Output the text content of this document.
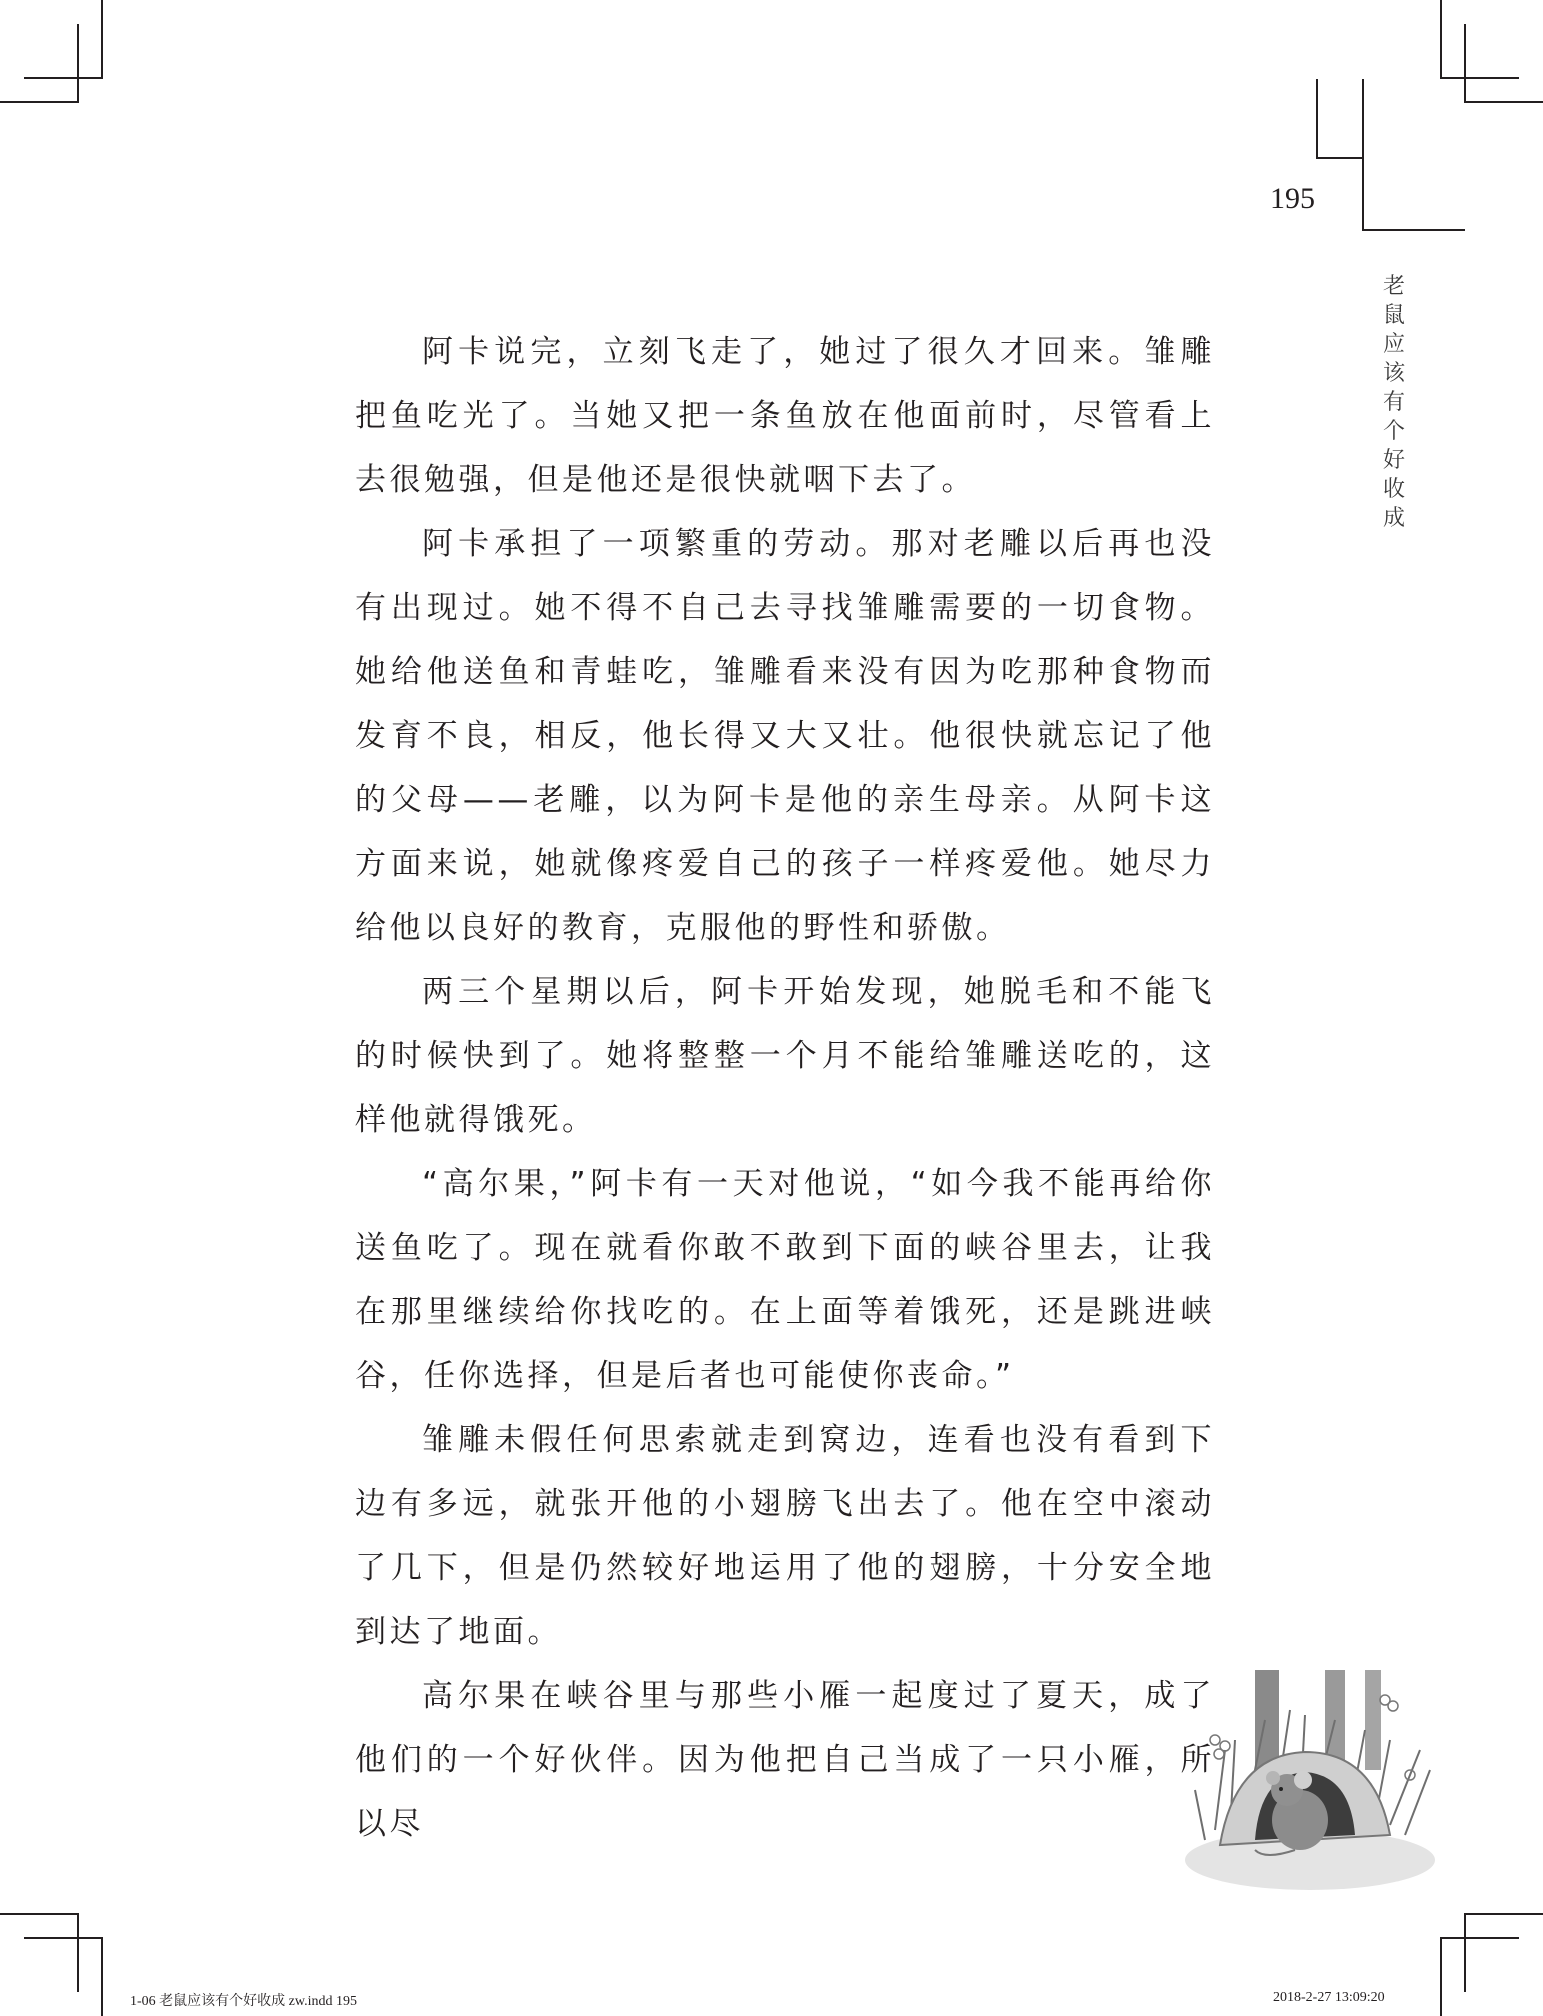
195
老
鼠
应
该
有
个
好
收
成

阿卡说完，立刻飞走了，她过了很久才回来。雏雕把鱼吃光了。当她又把一条鱼放在他面前时，尽管看上去很勉强，但是他还是很快就咽下去了。

阿卡承担了一项繁重的劳动。那对老雕以后再也没有出现过。她不得不自己去寻找雏雕需要的一切食物。她给他送鱼和青蛙吃，雏雕看来没有因为吃那种食物而发育不良，相反，他长得又大又壮。他很快就忘记了他的父母——老雕，以为阿卡是他的亲生母亲。从阿卡这方面来说，她就像疼爱自己的孩子一样疼爱他。她尽力给他以良好的教育，克服他的野性和骄傲。

两三个星期以后，阿卡开始发现，她脱毛和不能飞的时候快到了。她将整整一个月不能给雏雕送吃的，这样他就得饿死。

“高尔果，”阿卡有一天对他说，“如今我不能再给你送鱼吃了。现在就看你敢不敢到下面的峡谷里去，让我在那里继续给你找吃的。在上面等着饿死，还是跳进峡谷，任你选择，但是后者也可能使你丧命。”

雏雕未假任何思索就走到窝边，连看也没有看到下边有多远，就张开他的小翅膀飞出去了。他在空中滚动了几下，但是仍然较好地运用了他的翅膀，十分安全地到达了地面。

高尔果在峡谷里与那些小雁一起度过了夏天，成了他们的一个好伙伴。因为他把自己当成了一只小雁，所以尽

1-06 老鼠应该有个好收成 zw.indd 195	2018-2-27 13:09:20
